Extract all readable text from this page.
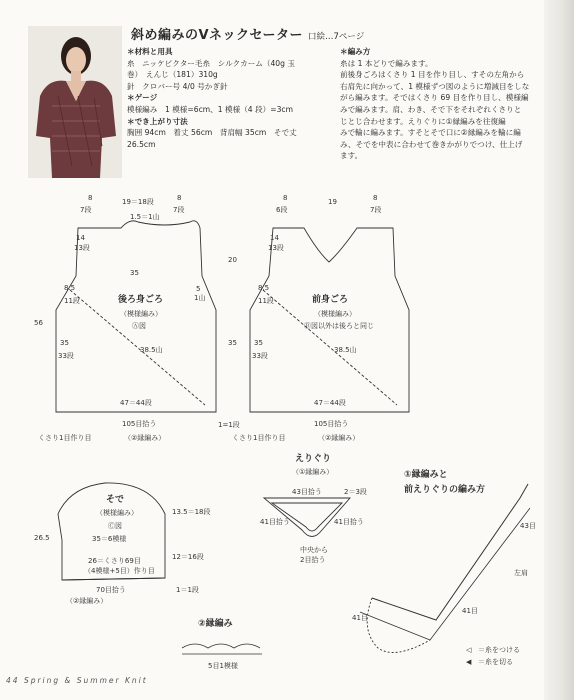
斜め編みのVネックセーター 口絵…7ページ
＊材料と用具
糸　ニッケビクター毛糸　シルクカーム（40g 玉
巻）　えんじ（181）310g
針　クロバー号 4/0 号かぎ針
＊ゲージ
模様編み　1 模様=6cm、1 模様（4 段）=3cm
＊でき上がり寸法
胸囲 94cm　着丈 56cm　背肩幅 35cm　そで丈
26.5cm
＊編み方
糸は 1 本どりで編みます。
前後身ごろはくさり 1 目を作り目し、すその左角から
右肩先に向かって、1 模様ずつ図のように増減目をしな
がら編みます。そではくさり 69 目を作り目し、模様編
みで編みます。肩、わき、そで下をそれぞれくさりと
じとじ合わせます。えりぐりに①縁編みを往復編
みで輪に編みます。すそとそで口に②縁編みを輪に編
み、そでを中表に合わせて巻きかがりでつけ、仕上げ
ます。
8	19＝18段	8
7段	7段
1.5＝1山
14
13段
8.5
11段
35
33段
5
1山
35
後ろ身ごろ
（模様編み）
Ⓐ図
38.5山
47＝44段
105目拾う
くさり1目作り目	（②縁編み）
56
8	19	8
6段	7段
14
13段
8.5
11段
35
33段
1=1段
20
35
前身ごろ
（模様編み）
Ⓑ図以外は後ろと同じ
38.5山
47＝44段
105目拾う
くさり1目作り目	（②縁編み）
そで
（模様編み）
Ⓒ図
35＝6模様
13.5＝18段
12＝16段
1＝1段
26.5
26＝くさり69目
（4模様+5目）作り目
70目拾う
（②縁編み）
えりぐり
（①縁編み）
43目拾う	2＝3段
41目拾う	41目拾う
中央から
2目拾う
①縁編みと
前えりぐりの編み方
43目
41目
41目
左肩
②縁編み
5目1模様
◁ ＝糸をつける
◀ ＝糸を切る
44 Spring & Summer Knit
